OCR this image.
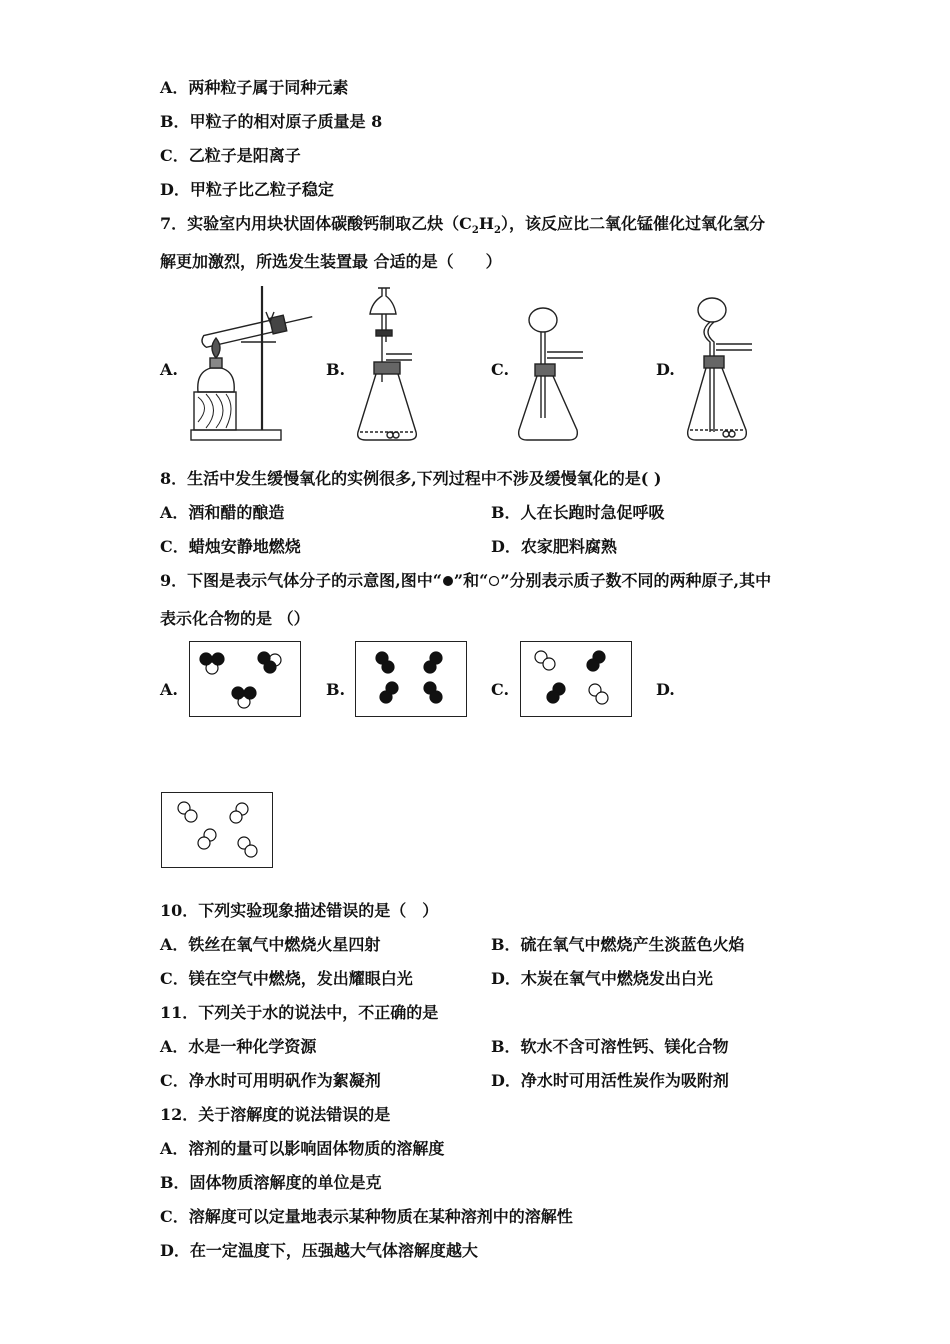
A．两种粒子属于同种元素
B．甲粒子的相对原子质量是 8
C．乙粒子是阳离子
D．甲粒子比乙粒子稳定
7．实验室内用块状固体碳酸钙制取乙炔$(C_2H_2)$，该反应比二氧化锰催化过氧化氢分
解更加激烈，所选发生装置最 合适的是（　　）
A.	B.	C.	D.
8．生活中发生缓慢氧化的实例很多,下列过程中不涉及缓慢氧化的是( )
A．酒和醋的酿造	B．人在长跑时急促呼吸
C．蜡烛安静地燃烧	D．农家肥料腐熟
9．下图是表示气体分子的示意图,图中“ ”和“ ”分别表示质子数不同的两种原子,其中
表示化合物的是 （）
A.	B.	C.	D.
10．下列实验现象描述错误的是（　）
A．铁丝在氧气中燃烧火星四射	B．硫在氧气中燃烧产生淡蓝色火焰
C．镁在空气中燃烧，发出耀眼白光	D．木炭在氧气中燃烧发出白光
11．下列关于水的说法中，不正确的是
A．水是一种化学资源	B．软水不含可溶性钙、镁化合物
C．净水时可用明矾作为絮凝剂	D．净水时可用活性炭作为吸附剂
12．关于溶解度的说法错误的是
A．溶剂的量可以影响固体物质的溶解度
B．固体物质溶解度的单位是克
C．溶解度可以定量地表示某种物质在某种溶剂中的溶解性
D．在一定温度下，压强越大气体溶解度越大
